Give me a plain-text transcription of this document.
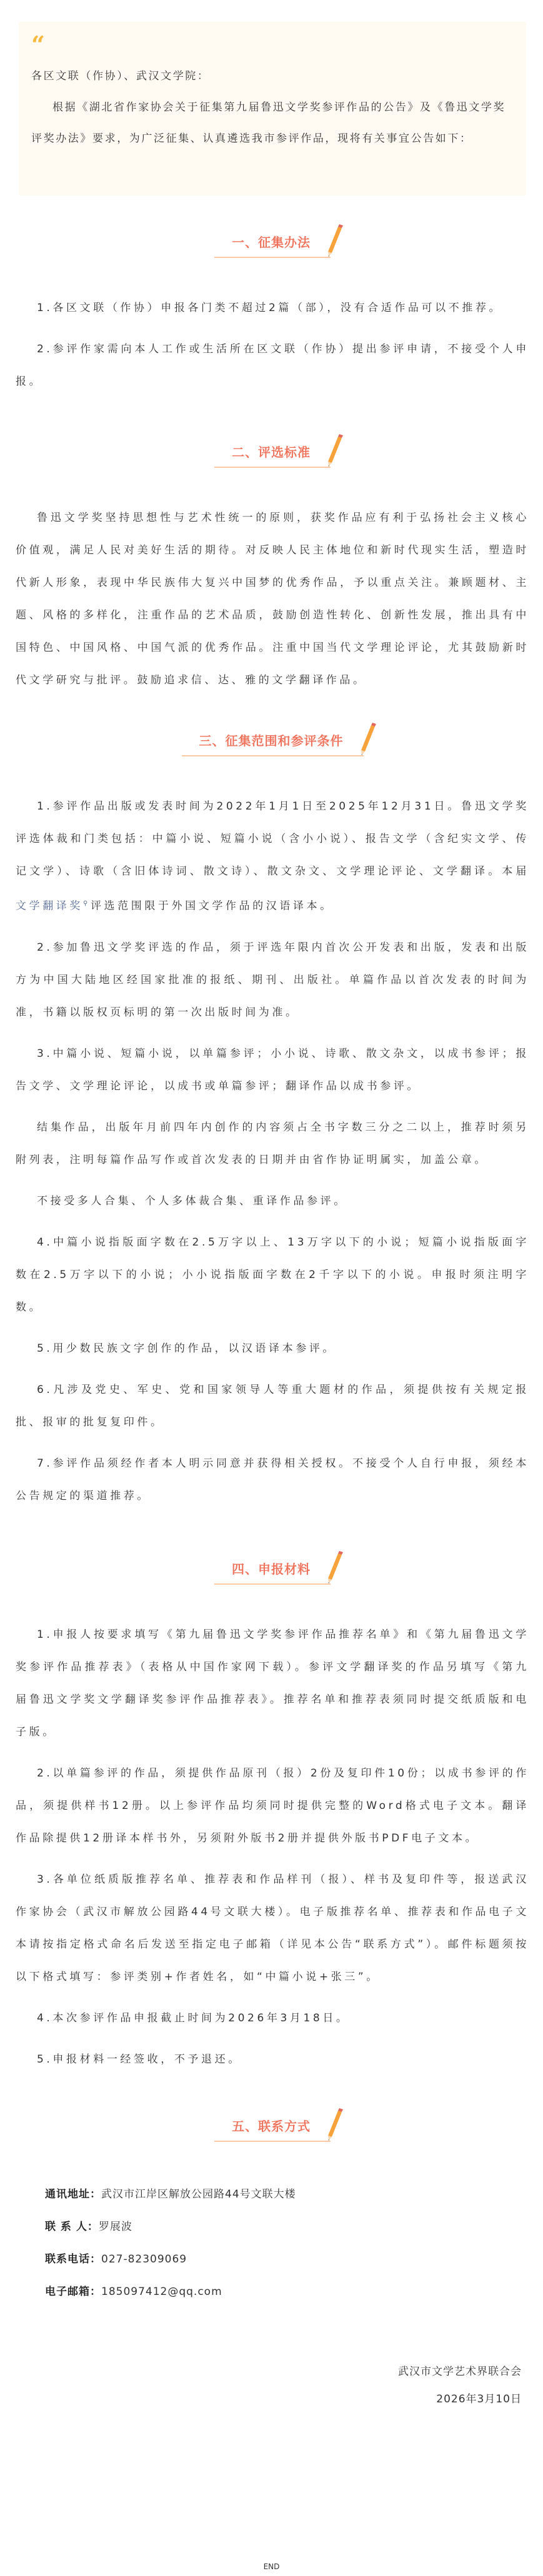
“

各区文联（作协）、武汉文学院：

根据《湖北省作家协会关于征集第九届鲁迅文学奖参评作品的公告》及《鲁迅文学奖评奖办法》要求，为广泛征集、认真遴选我市参评作品，现将有关事宜公告如下：

一、征集办法

1.各区文联（作协）申报各门类不超过2篇（部），没有合适作品可以不推荐。

2.参评作家需向本人工作或生活所在区文联（作协）提出参评申请，不接受个人申报。

二、评选标准

鲁迅文学奖坚持思想性与艺术性统一的原则，获奖作品应有利于弘扬社会主义核心价值观，满足人民对美好生活的期待。对反映人民主体地位和新时代现实生活，塑造时代新人形象，表现中华民族伟大复兴中国梦的优秀作品，予以重点关注。兼顾题材、主题、风格的多样化，注重作品的艺术品质，鼓励创造性转化、创新性发展，推出具有中国特色、中国风格、中国气派的优秀作品。注重中国当代文学理论评论，尤其鼓励新时代文学研究与批评。鼓励追求信、达、雅的文学翻译作品。

三、征集范围和参评条件

1.参评作品出版或发表时间为2022年1月1日至2025年12月31日。鲁迅文学奖评选体裁和门类包括：中篇小说、短篇小说（含小小说）、报告文学（含纪实文学、传记文学）、诗歌（含旧体诗词、散文诗）、散文杂文、文学理论评论、文学翻译。本届文学翻译奖⚲评选范围限于外国文学作品的汉语译本。

2.参加鲁迅文学奖评选的作品，须于评选年限内首次公开发表和出版，发表和出版方为中国大陆地区经国家批准的报纸、期刊、出版社。单篇作品以首次发表的时间为准，书籍以版权页标明的第一次出版时间为准。

3.中篇小说、短篇小说，以单篇参评；小小说、诗歌、散文杂文，以成书参评；报告文学、文学理论评论，以成书或单篇参评；翻译作品以成书参评。

结集作品，出版年月前四年内创作的内容须占全书字数三分之二以上，推荐时须另附列表，注明每篇作品写作或首次发表的日期并由省作协证明属实，加盖公章。

不接受多人合集、个人多体裁合集、重译作品参评。

4.中篇小说指版面字数在2.5万字以上、13万字以下的小说；短篇小说指版面字数在2.5万字以下的小说；小小说指版面字数在2千字以下的小说。申报时须注明字数。

5.用少数民族文字创作的作品，以汉语译本参评。

6.凡涉及党史、军史、党和国家领导人等重大题材的作品，须提供按有关规定报批、报审的批复复印件。

7.参评作品须经作者本人明示同意并获得相关授权。不接受个人自行申报，须经本公告规定的渠道推荐。

四、申报材料

1.申报人按要求填写《第九届鲁迅文学奖参评作品推荐名单》和《第九届鲁迅文学奖参评作品推荐表》（表格从中国作家网下载）。参评文学翻译奖的作品另填写《第九届鲁迅文学奖文学翻译奖参评作品推荐表》。推荐名单和推荐表须同时提交纸质版和电子版。

2.以单篇参评的作品，须提供作品原刊（报）2份及复印件10份；以成书参评的作品，须提供样书12册。以上参评作品均须同时提供完整的Word格式电子文本。翻译作品除提供12册译本样书外，另须附外版书2册并提供外版书PDF电子文本。

3.各单位纸质版推荐名单、推荐表和作品样刊（报）、样书及复印件等，报送武汉作家协会（武汉市解放公园路44号文联大楼）。电子版推荐名单、推荐表和作品电子文本请按指定格式命名后发送至指定电子邮箱（详见本公告“联系方式”）。邮件标题须按以下格式填写：参评类别+作者姓名，如“中篇小说+张三”。

4.本次参评作品申报截止时间为2026年3月18日。

5.申报材料一经签收，不予退还。

五、联系方式

通讯地址：武汉市江岸区解放公园路44号文联大楼

联 系 人：罗展波

联系电话：027-82309069

电子邮箱：185097412@qq.com

武汉市文学艺术界联合会
2026年3月10日
END
